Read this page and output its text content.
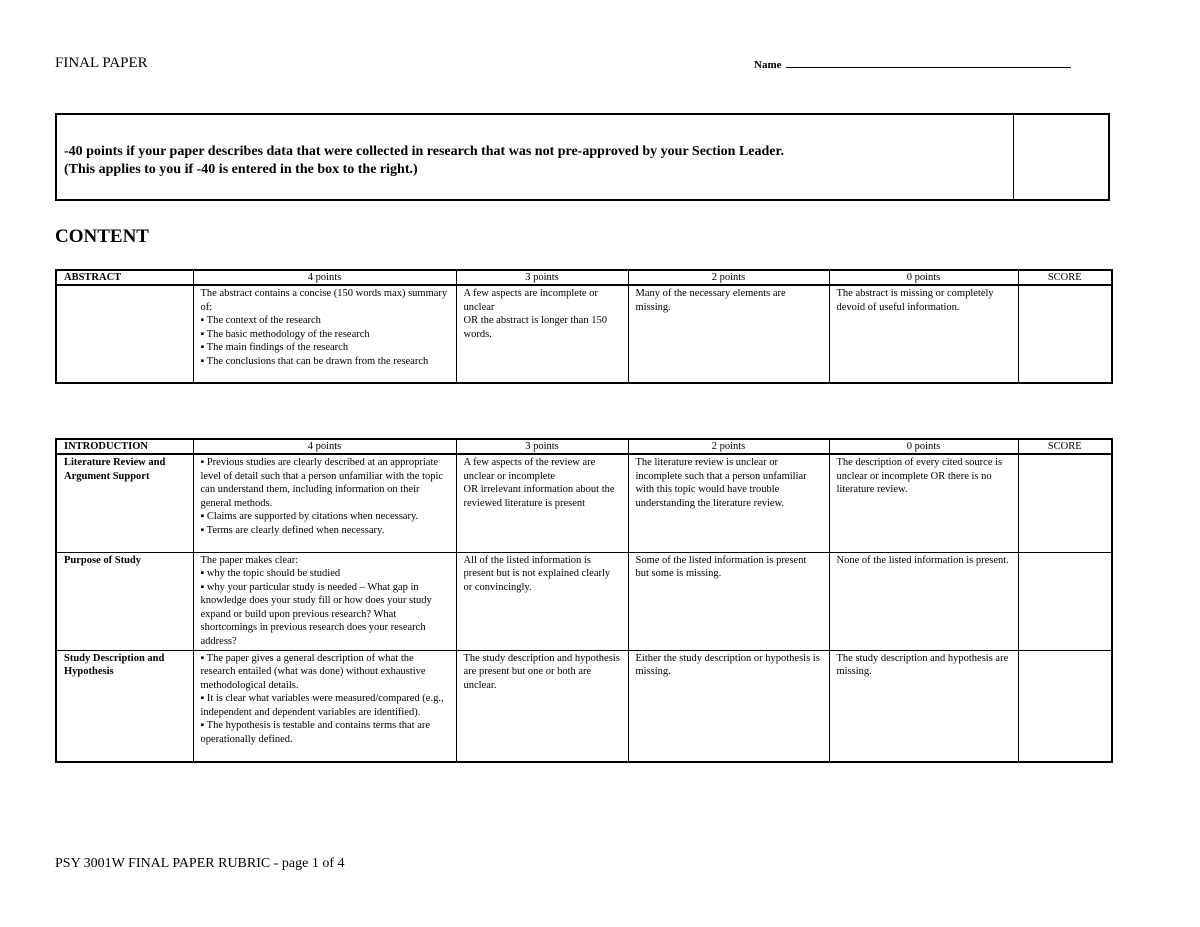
FINAL PAPER	Name
-40 points if your paper describes data that were collected in research that was not pre-approved by your Section Leader.
(This applies to you if -40 is entered in the box to the right.)
CONTENT
ABSTRACT	4 points	3 points	2 points	0 points	SCORE

	The abstract contains a concise (150 words max) summary of:
▪ The context of the research
▪ The basic methodology of the research
▪ The main findings of the research
▪ The conclusions that can be drawn from the research	A few aspects are incomplete or unclear
OR the abstract is longer than 150 words.	Many of the necessary elements are missing.	The abstract is missing or completely devoid of useful information.	

INTRODUCTION	4 points	3 points	2 points	0 points	SCORE
Literature Review and Argument Support	▪ Previous studies are clearly described at an appropriate level of detail such that a person unfamiliar with the topic can understand them, including information on their general methods.
▪ Claims are supported by citations when necessary.
▪ Terms are clearly defined when necessary.	A few aspects of the review are unclear or incomplete
OR irrelevant information about the reviewed literature is present	The literature review is unclear or incomplete such that a person unfamiliar with this topic would have trouble understanding the literature review.	The description of every cited source is unclear or incomplete OR there is no literature review.	

Purpose of Study	The paper makes clear:
▪ why the topic should be studied
▪ why your particular study is needed – What gap in knowledge does your study fill or how does your study expand or build upon previous research? What shortcomings in previous research does your research address?	All of the listed information is present but is not explained clearly or convincingly.	Some of the listed information is present but some is missing.	None of the listed information is present.	

Study Description and Hypothesis	▪ The paper gives a general description of what the research entailed (what was done) without exhaustive methodological details.
▪ It is clear what variables were measured/compared (e.g., independent and dependent variables are identified).
▪ The hypothesis is testable and contains terms that are operationally defined.	The study description and hypothesis are present but one or both are unclear.	Either the study description or hypothesis is missing.	The study description and hypothesis are missing.	

PSY 3001W FINAL PAPER RUBRIC - page 1 of 4
